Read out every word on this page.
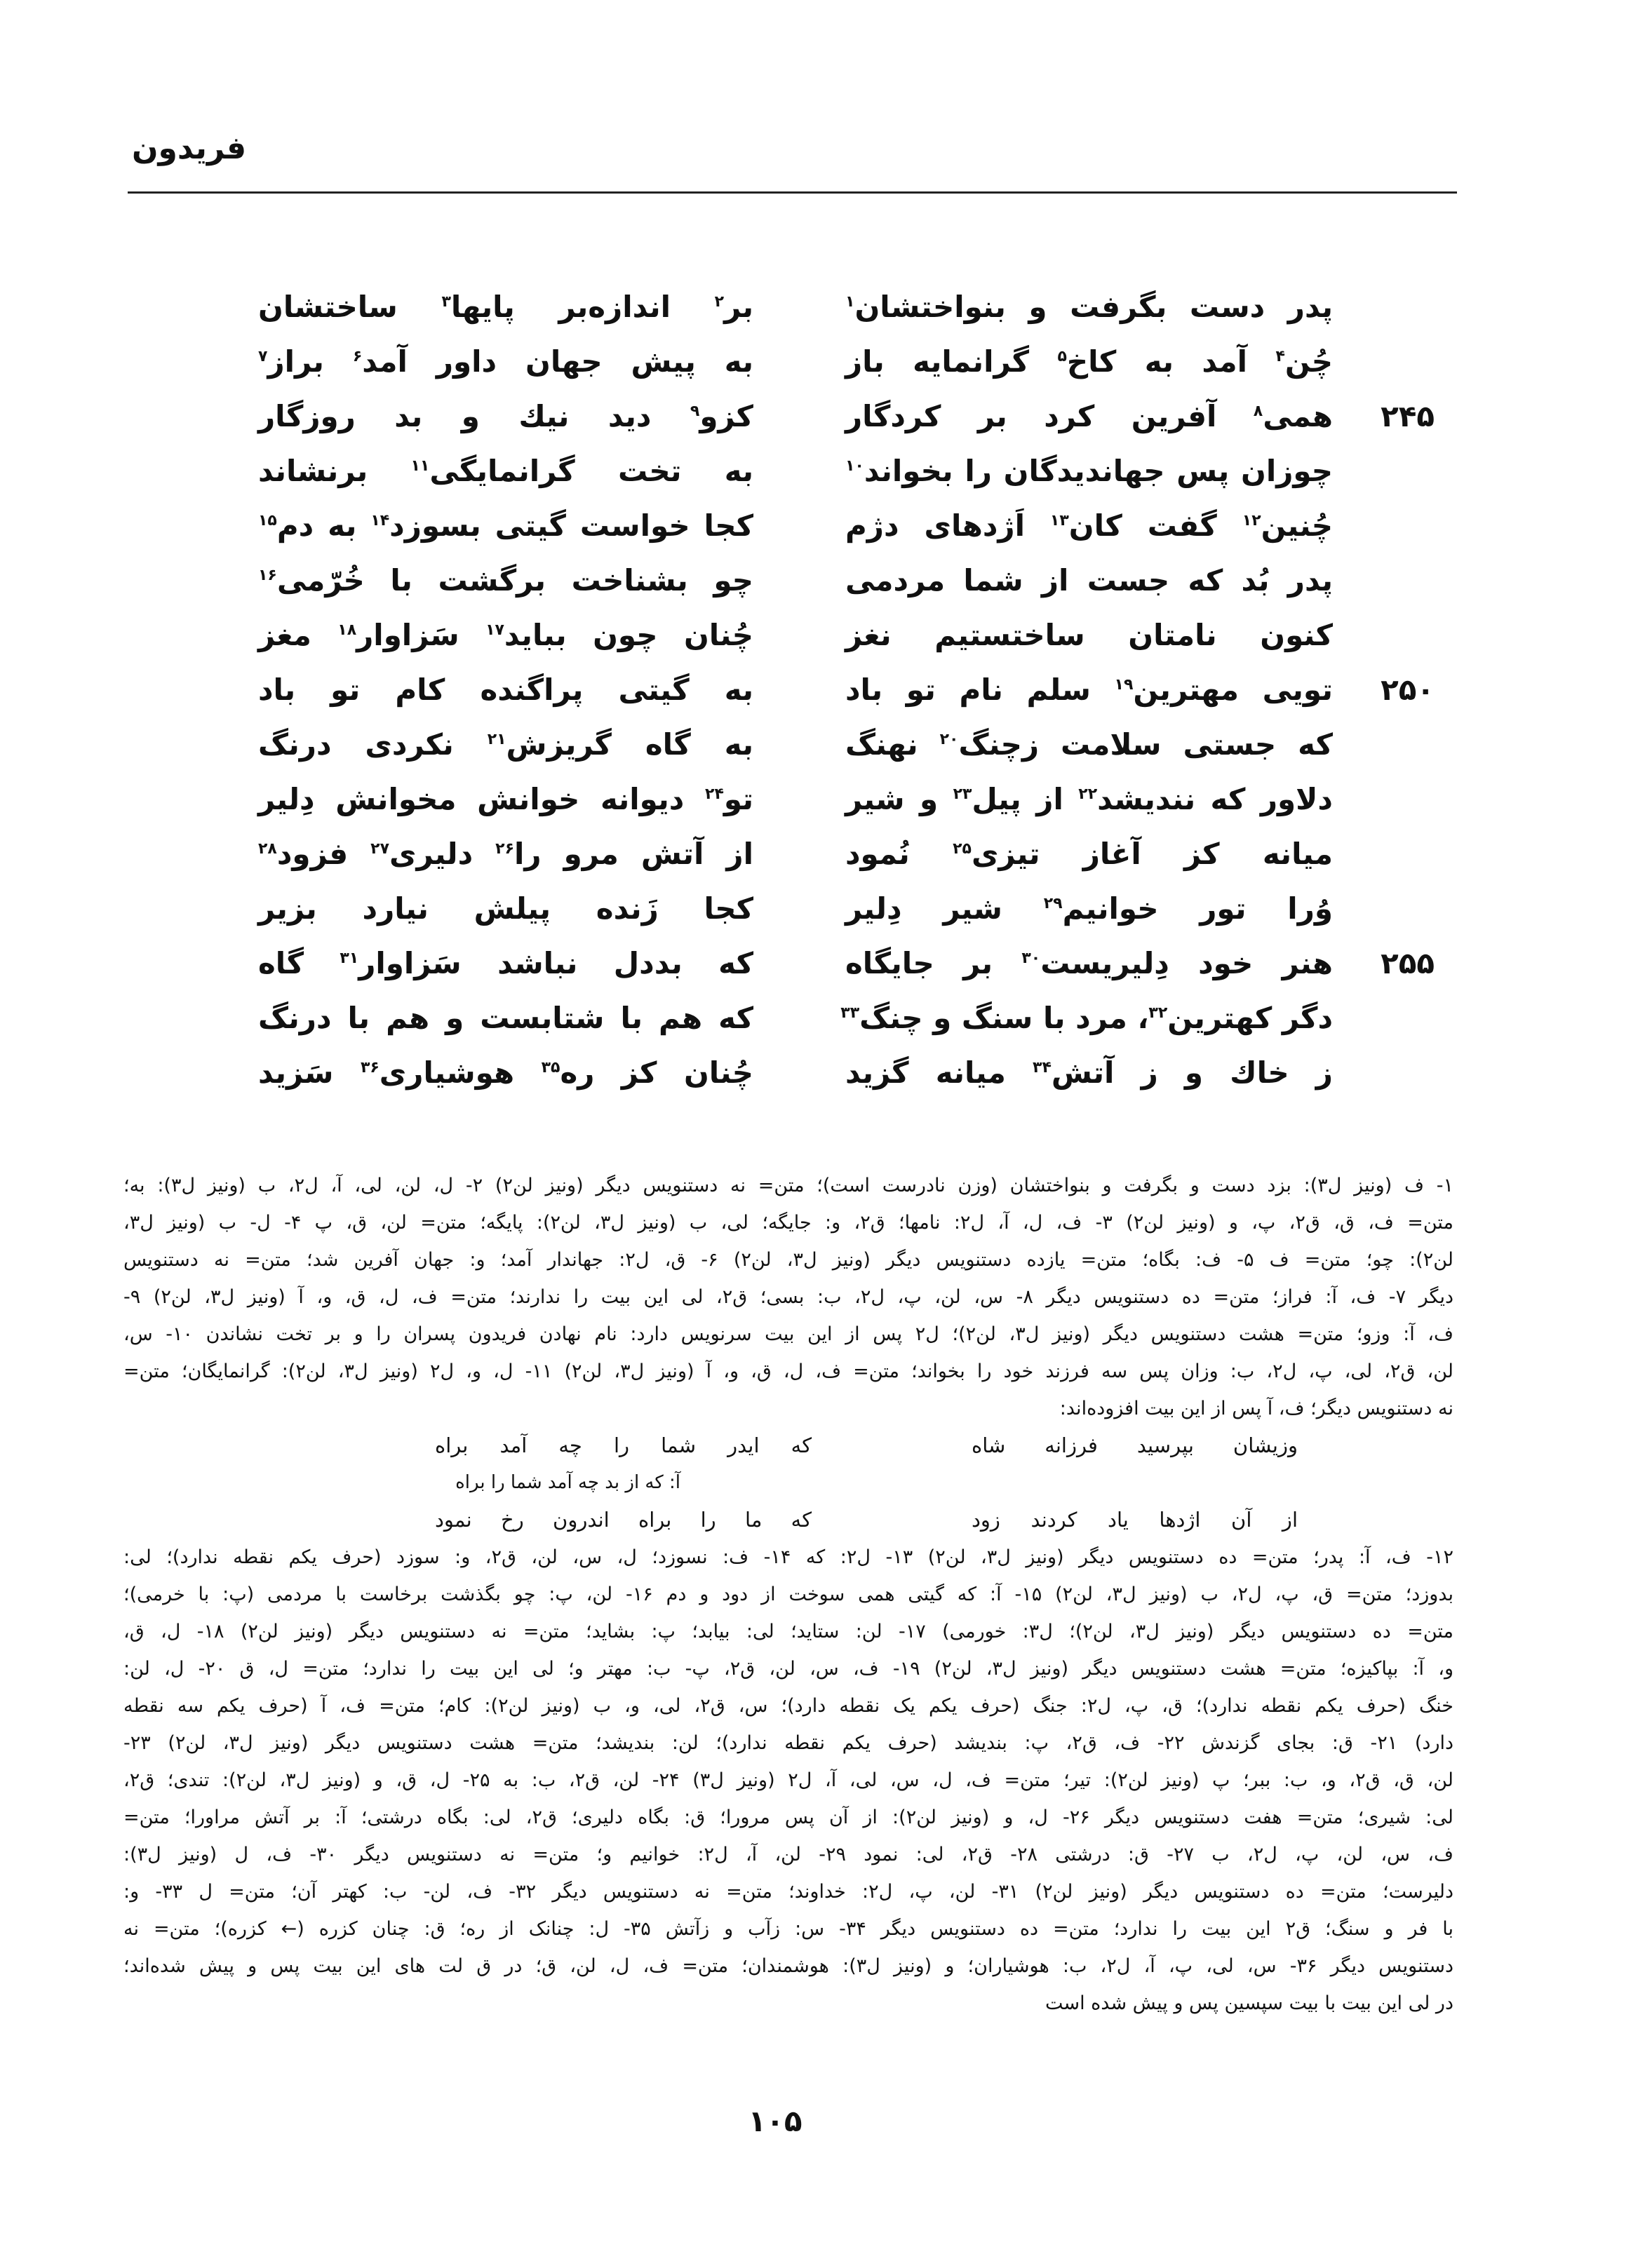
فریدون
پدر دست بگرفت و بنواختشان$^۱$
بر$^۲$ اندازه‌بر پایها$^۳$ ساختشان
چُن$^۴$ آمد به کاخ$^۵$ گرانمایه باز
به پیش جهان داور آمد$^۶$ براز$^۷$
همی$^۸$ آفرین کرد بر کردگار
کزو$^۹$ دید نیك و بد روزگار	۲۴۵
چوزان پس جهاندیدگان را بخواند$^{۱۰}$
به تخت گرانمایگی$^{۱۱}$ برنشاند
چُنین$^{۱۲}$ گفت کان$^{۱۳}$ اَژدهای دژم
کجا خواست گیتی بسوزد$^{۱۴}$ به دم$^{۱۵}$
پدر بُد که جست از شما مردمی
چو بشناخت برگشت با خُرّمی$^{۱۶}$
کنون نامتان ساختستیم نغز
چُنان چون بباید$^{۱۷}$ سَزاوار$^{۱۸}$ مغز
تویی مهترین$^{۱۹}$ سلم نام تو باد
به گیتی پراگنده کام تو باد	۲۵۰
که جستی سلامت زچنگ$^{۲۰}$ نهنگ
به گاه گریزش$^{۲۱}$ نکردی درنگ
دلاور که نندیشد$^{۲۲}$ از پیل$^{۲۳}$ و شیر
تو$^{۲۴}$ دیوانه خوانش مخوانش دِلیر
میانه کز آغاز تیزی$^{۲۵}$ نُمود
از آتش مرو را$^{۲۶}$ دلیری$^{۲۷}$ فزود$^{۲۸}$
وُرا تور خوانیم$^{۲۹}$ شیر دِلیر
کجا زَنده پیلش نیارد بزیر
هنر خود دِلیریست$^{۳۰}$ بر جایگاه
که بددل نباشد سَزاوار$^{۳۱}$ گاه	۲۵۵
دگر کهترین$^{۳۲}$، مرد با سنگ و چنگ$^{۳۳}$
که هم با شتابست و هم با درنگ
ز خاك و ز آتش$^{۳۴}$ میانه گزید
چُنان کز ره$^{۳۵}$ هوشیاری$^{۳۶}$ سَزید
۱- ف (ونیز ل۳): بزد دست و بگرفت و بنواختشان (وزن نادرست است)؛ متن= نه دستنویس دیگر (ونیز لن۲) ۲- ل، لن، لی، آ، ل۲، ب (ونیز ل۳): به؛
متن= ف، ق، ق۲، پ، و (ونیز لن۲) ۳- ف، ل، آ، ل۲: نامها؛ ق۲، و: جایگه؛ لی، ب (ونیز ل۳، لن۲): پایگه؛ متن= لن، ق، پ ۴- ل- ب (ونیز ل۳،
لن۲): چو؛ متن= ف ۵- ف: بگاه؛ متن= یازده دستنویس دیگر (ونیز ل۳، لن۲) ۶- ق، ل۲: جهاندار آمد؛ و: جهان آفرین شد؛ متن= نه دستنویس
دیگر ۷- ف، آ: فراز؛ متن= ده دستنویس دیگر ۸- س، لن، پ، ل۲، ب: بسی؛ ق۲، لی این بیت را ندارند؛ متن= ف، ل، ق، و، آ (ونیز ل۳، لن۲) ۹-
ف، آ: وزو؛ متن= هشت دستنویس دیگر (ونیز ل۳، لن۲)؛ ل۲ پس از این بیت سرنویس دارد: نام نهادن فریدون پسران را و بر تخت نشاندن ۱۰- س،
لن، ق۲، لی، پ، ل۲، ب: وزان پس سه فرزند خود را بخواند؛ متن= ف، ل، ق، و، آ (ونیز ل۳، لن۲) ۱۱- ل، و، ل۲ (ونیز ل۳، لن۲): گرانمایگان؛ متن=
نه دستنویس دیگر؛ ف، آ پس از این بیت افزوده‌اند:
وزیشان بپرسید فرزانه شاه
که ایدر شما را چه آمد براه
آ: که از بد چه آمد شما را براه
از آن اژدها یاد کردند زود
که ما را براه اندرون رخ نمود
۱۲- ف، آ: پدر؛ متن= ده دستنویس دیگر (ونیز ل۳، لن۲) ۱۳- ل۲: که ۱۴- ف: نسوزد؛ ل، س، لن، ق۲، و: سوزد (حرف یکم نقطه ندارد)؛ لی:
بدوزد؛ متن= ق، پ، ل۲، ب (ونیز ل۳، لن۲) ۱۵- آ: که گیتی همی سوخت از دود و دم ۱۶- لن، پ: چو بگذشت برخاست با مردمی (پ: با خرمی)؛
متن= ده دستنویس دیگر (ونیز ل۳، لن۲)؛ ل۳: خورمی) ۱۷- لن: ستاید؛ لی: بیابد؛ پ: بشاید؛ متن= نه دستنویس دیگر (ونیز لن۲) ۱۸- ل، ق،
و، آ: بپاکیزه؛ متن= هشت دستنویس دیگر (ونیز ل۳، لن۲) ۱۹- ف، س، لن، ق۲، پ- ب: مهتر و؛ لی این بیت را ندارد؛ متن= ل، ق ۲۰- ل، لن:
خنگ (حرف یکم نقطه ندارد)؛ ق، پ، ل۲: جنگ (حرف یکم یک نقطه دارد)؛ س، ق۲، لی، و، ب (ونیز لن۲): کام؛ متن= ف، آ (حرف یکم سه نقطه
دارد) ۲۱- ق: بجای گزندش ۲۲- ف، ق۲، پ: بندیشد (حرف یکم نقطه ندارد)؛ لن: بندیشد؛ متن= هشت دستنویس دیگر (ونیز ل۳، لن۲) ۲۳-
لن، ق، ق۲، و، ب: ببر؛ پ (ونیز لن۲): تیر؛ متن= ف، ل، س، لی، آ، ل۲ (ونیز ل۳) ۲۴- لن، ق۲، ب: به ۲۵- ل، ق، و (ونیز ل۳، لن۲): تندی؛ ق۲،
لی: شیری؛ متن= هفت دستنویس دیگر ۲۶- ل، و (ونیز لن۲): از آن پس مرورا؛ ق: بگاه دلیری؛ ق۲، لی: بگاه درشتی؛ آ: بر آتش مراورا؛ متن=
ف، س، لن، پ، ل۲، ب ۲۷- ق: درشتی ۲۸- ق۲، لی: نمود ۲۹- لن، آ، ل۲: خوانیم و؛ متن= نه دستنویس دیگر ۳۰- ف، ل (ونیز ل۳):
دلیرست؛ متن= ده دستنویس دیگر (ونیز لن۲) ۳۱- لن، پ، ل۲: خداوند؛ متن= نه دستنویس دیگر ۳۲- ف، لن- ب: کهتر آن؛ متن= ل ۳۳- و:
با فر و سنگ؛ ق۲ این بیت را ندارد؛ متن= ده دستنویس دیگر ۳۴- س: زآب و زآتش ۳۵- ل: چنانک از ره؛ ق: چنان کزره (← کزره)؛ متن= نه
دستنویس دیگر ۳۶- س، لی، پ، آ، ل۲، ب: هوشیاران؛ و (ونیز ل۳): هوشمندان؛ متن= ف، ل، لن، ق؛ در ق لت های این بیت پس و پیش شده‌اند؛
در لی این بیت با بیت سپسین پس و پیش شده است
۱۰۵
